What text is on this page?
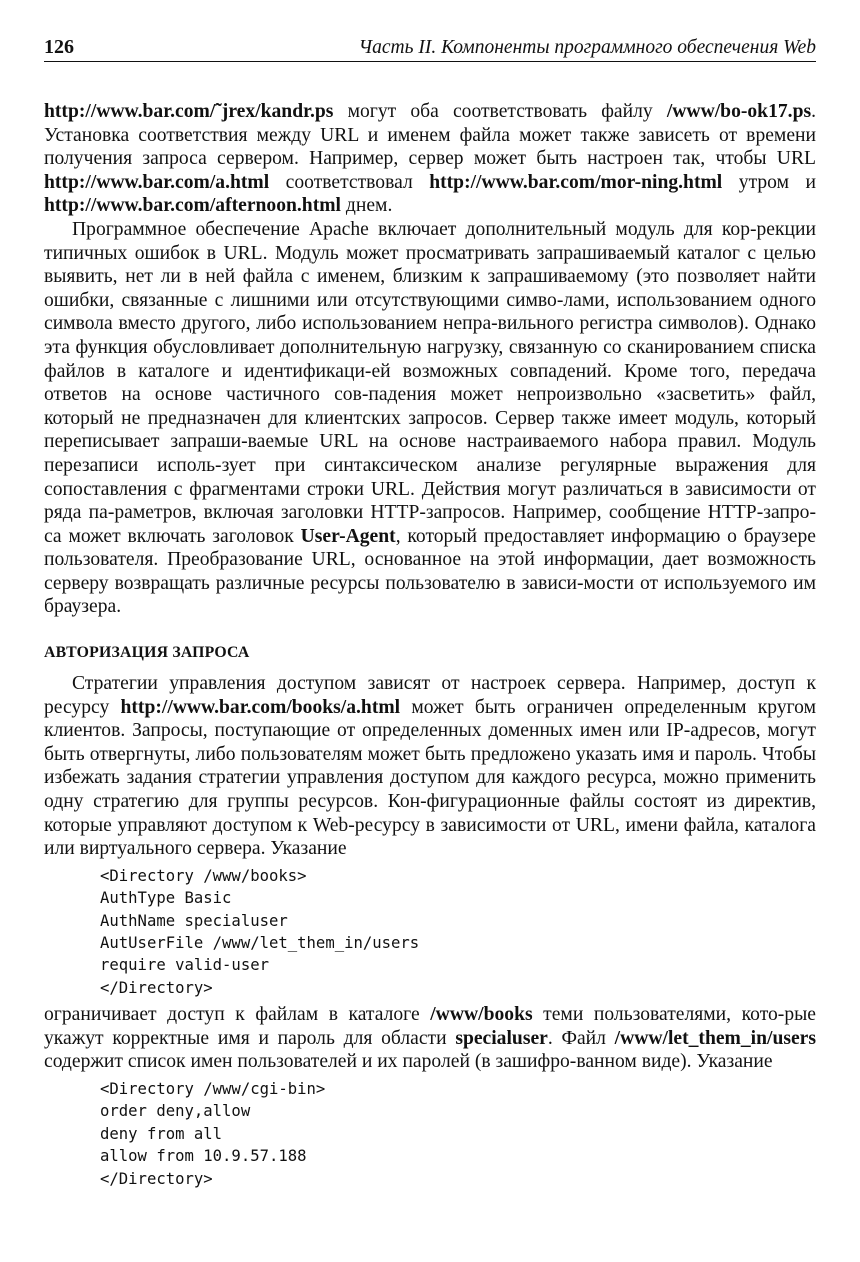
126	Часть II. Компоненты программного обеспечения Web

http://www.bar.com/˜jrex/kandr.ps могут оба соответствовать файлу /www/bo-ok17.ps. Установка соответствия между URL и именем файла может также зависеть от времени получения запроса сервером. Например, сервер может быть настроен так, чтобы URL http://www.bar.com/a.html соответствовал http://www.bar.com/mor-ning.html утром и http://www.bar.com/afternoon.html днем.

Программное обеспечение Apache включает дополнительный модуль для кор-рекции типичных ошибок в URL. Модуль может просматривать запрашиваемый каталог с целью выявить, нет ли в ней файла с именем, близким к запрашиваемому (это позволяет найти ошибки, связанные с лишними или отсутствующими симво-лами, использованием одного символа вместо другого, либо использованием непра-вильного регистра символов). Однако эта функция обусловливает дополнительную нагрузку, связанную со сканированием списка файлов в каталоге и идентификаци-ей возможных совпадений. Кроме того, передача ответов на основе частичного сов-падения может непроизвольно «засветить» файл, который не предназначен для клиентских запросов. Сервер также имеет модуль, который переписывает запраши-ваемые URL на основе настраиваемого набора правил. Модуль перезаписи исполь-зует при синтаксическом анализе регулярные выражения для сопоставления с фрагментами строки URL. Действия могут различаться в зависимости от ряда па-раметров, включая заголовки HTTP-запросов. Например, сообщение HTTP-запро-са может включать заголовок User-Agent, который предоставляет информацию о браузере пользователя. Преобразование URL, основанное на этой информации, дает возможность серверу возвращать различные ресурсы пользователю в зависи-мости от используемого им браузера.

АВТОРИЗАЦИЯ ЗАПРОСА

Стратегии управления доступом зависят от настроек сервера. Например, доступ к ресурсу http://www.bar.com/books/a.html может быть ограничен определенным кругом клиентов. Запросы, поступающие от определенных доменных имен или IP-адресов, могут быть отвергнуты, либо пользователям может быть предложено указать имя и пароль. Чтобы избежать задания стратегии управления доступом для каждого ресурса, можно применить одну стратегию для группы ресурсов. Кон-фигурационные файлы состоят из директив, которые управляют доступом к Web-ресурсу в зависимости от URL, имени файла, каталога или виртуального сервера. Указание

<Directory /www/books>
AuthType Basic
AuthName specialuser
AutUserFile /www/let_them_in/users
require valid-user
</Directory>

ограничивает доступ к файлам в каталоге /www/books теми пользователями, кото-рые укажут корректные имя и пароль для области specialuser. Файл /www/let_them_in/users содержит список имен пользователей и их паролей (в зашифро-ванном виде). Указание

<Directory /www/cgi-bin>
order deny,allow
deny from all
allow from 10.9.57.188
</Directory>
